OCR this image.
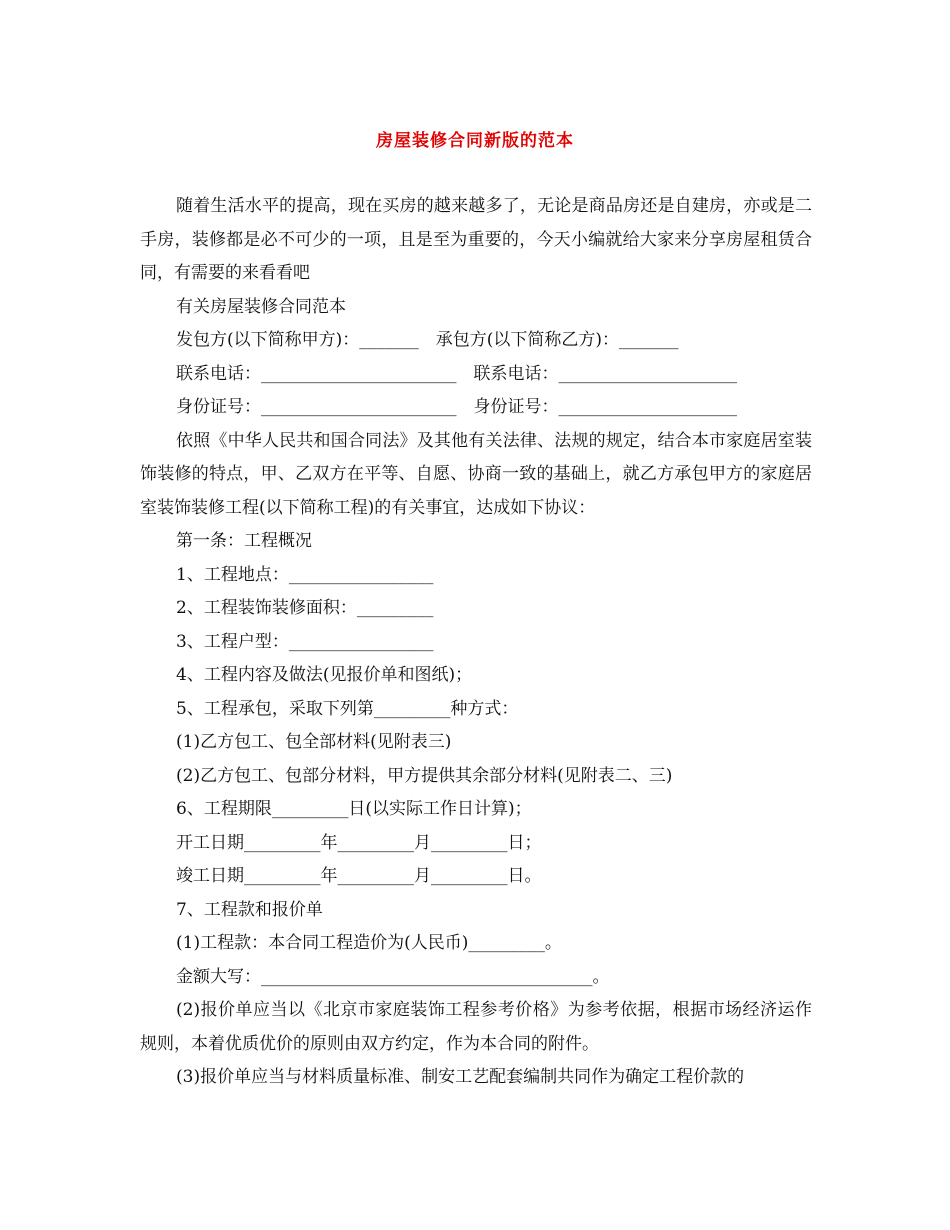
房屋装修合同新版的范本

随着生活水平的提高，现在买房的越来越多了，无论是商品房还是自建房，亦或是二手房，装修都是必不可少的一项，且是至为重要的，今天小编就给大家来分享房屋租赁合同，有需要的来看看吧

有关房屋装修合同范本
发包方(以下简称甲方)：_______　承包方(以下简称乙方)：_______
联系电话：_______________________　联系电话：_____________________
身份证号：_______________________　身份证号：_____________________

依照《中华人民共和国合同法》及其他有关法律、法规的规定，结合本市家庭居室装饰装修的特点，甲、乙双方在平等、自愿、协商一致的基础上，就乙方承包甲方的家庭居室装饰装修工程(以下简称工程)的有关事宜，达成如下协议：

第一条：工程概况
1、工程地点：_________________
2、工程装饰装修面积：_________
3、工程户型：_________________
4、工程内容及做法(见报价单和图纸)；
5、工程承包，采取下列第_________种方式：
(1)乙方包工、包全部材料(见附表三)
(2)乙方包工、包部分材料，甲方提供其余部分材料(见附表二、三)
6、工程期限_________日(以实际工作日计算)；
开工日期_________年_________月_________日；
竣工日期_________年_________月_________日。
7、工程款和报价单
(1)工程款：本合同工程造价为(人民币)_________。
金额大写：_______________________________________。

(2)报价单应当以《北京市家庭装饰工程参考价格》为参考依据，根据市场经济运作规则，本着优质优价的原则由双方约定，作为本合同的附件。

(3)报价单应当与材料质量标准、制安工艺配套编制共同作为确定工程价款的
